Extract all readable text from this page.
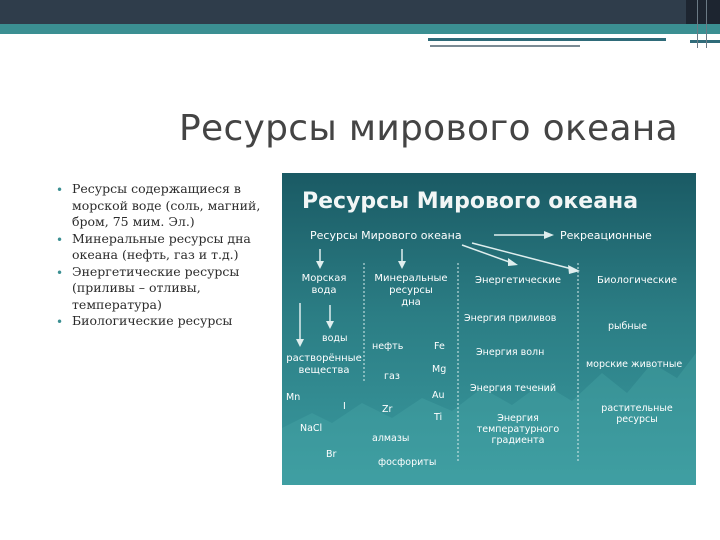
Ресурсы мирового океана
• Ресурсы содержащиеся в морской воде (соль, магний, бром, 75 мим. Эл.)
• Минеральные ресурсы дна океана (нефть, газ и т.д.)
• Энергетические ресурсы (приливы – отливы, температура)
• Биологические ресурсы
Ресурсы Мирового океана
Ресурсы Мирового океана	Рекреационные
Морская
вода
Минеральные
ресурсы
дна
Энергетические	Биологические
воды
растворённые
вещества
Mn
I
NaCl
Br
нефть	Fe
газ
Mg
Zr
Au
Ti
алмазы
фосфориты
Энергия приливов
Энергия волн
Энергия течений
Энергия
температурного
градиента
рыбные
морские животные
растительные
ресурсы
